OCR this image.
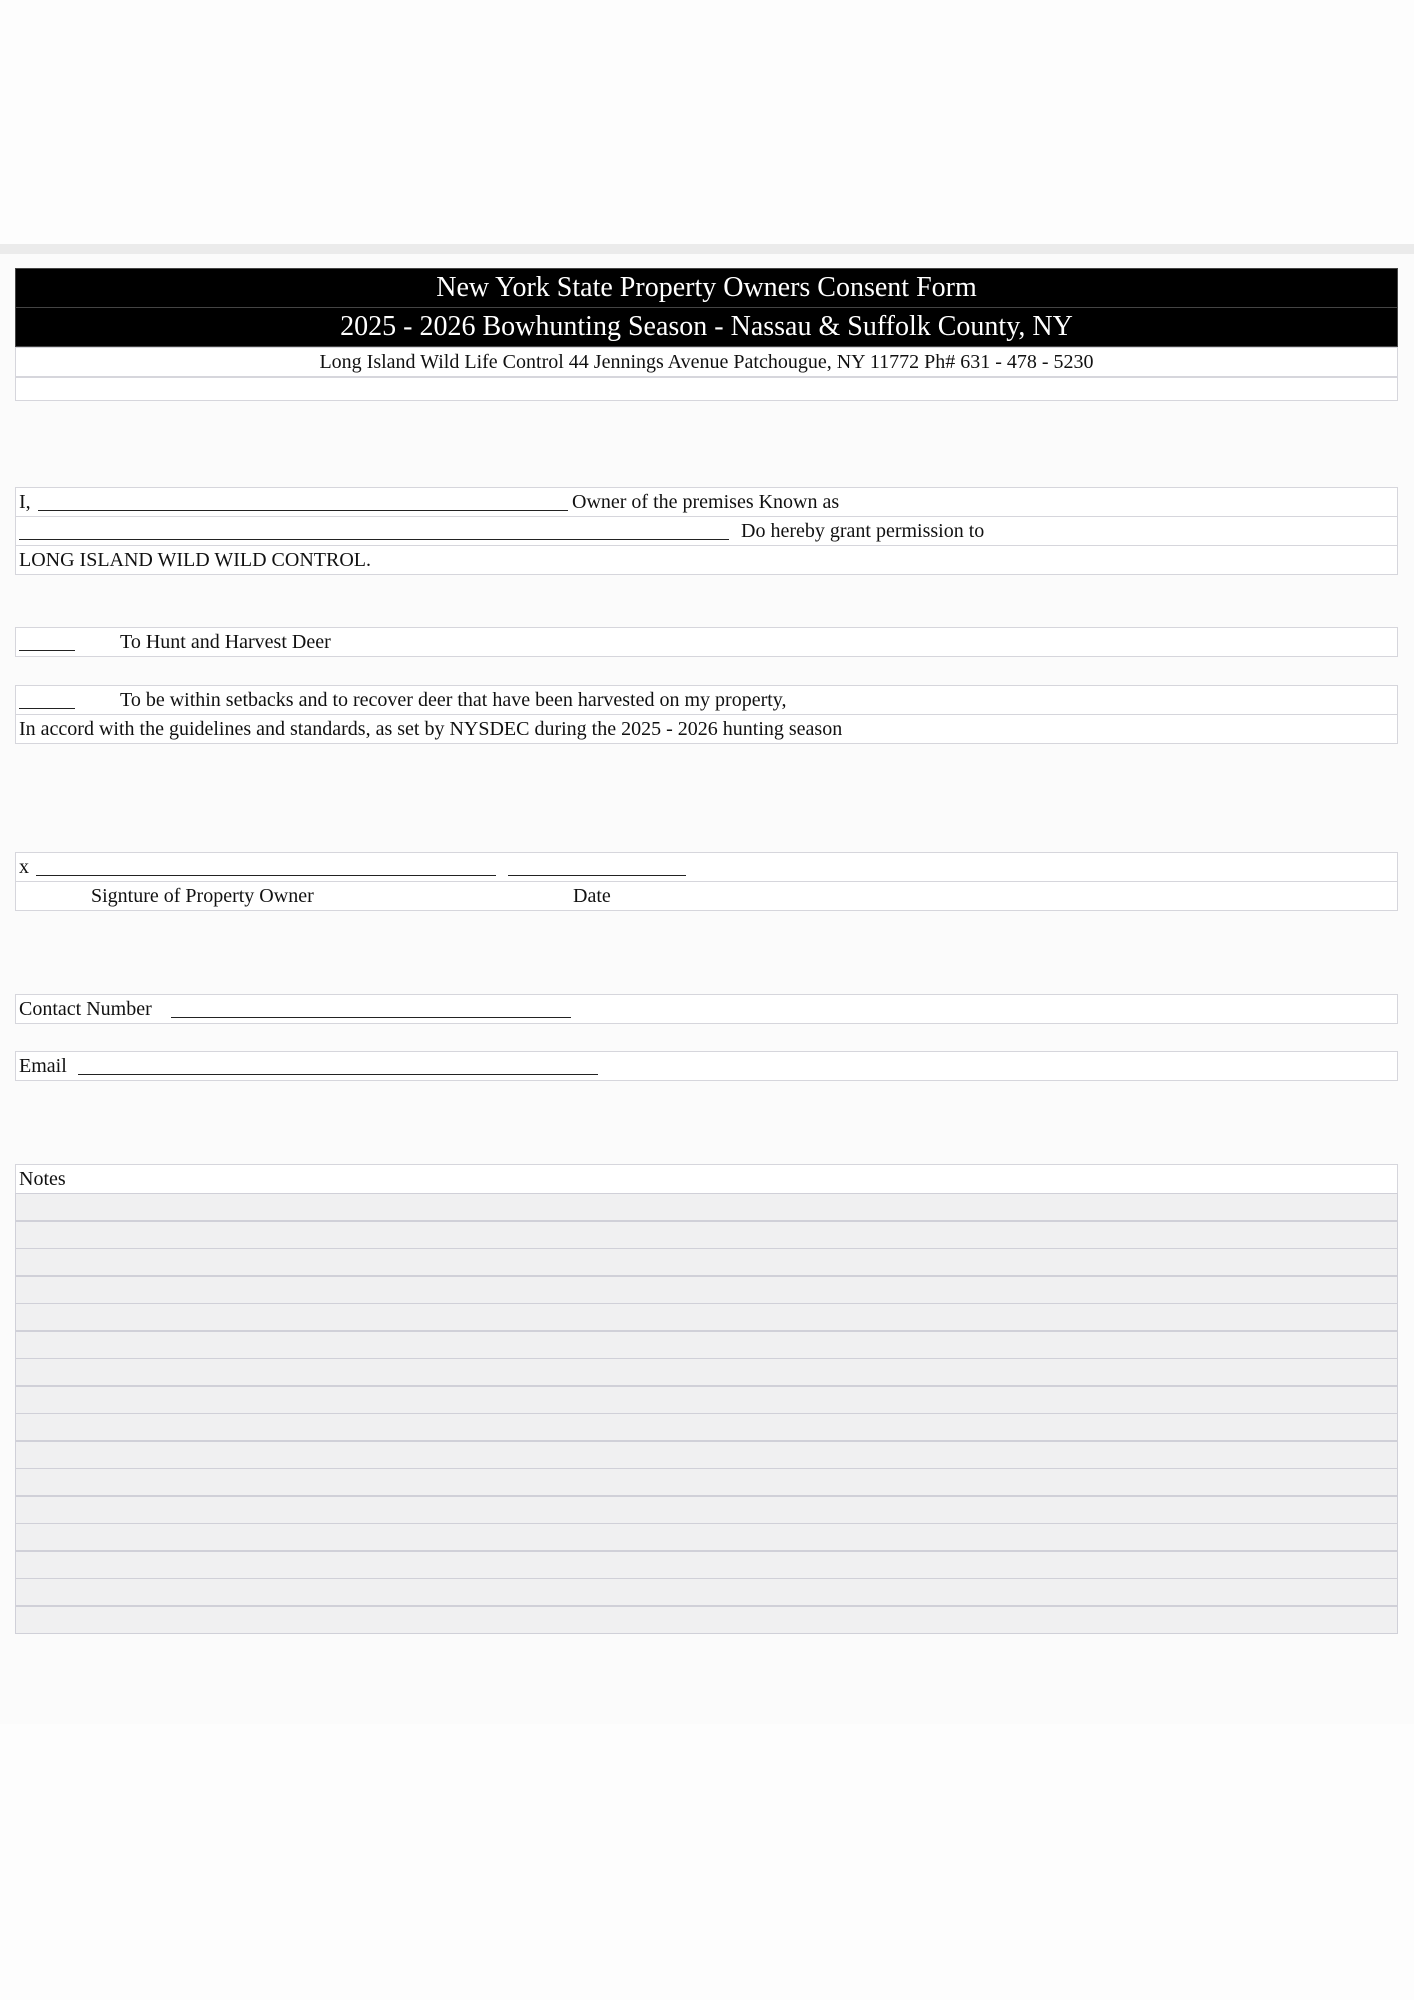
New York State Property Owners Consent Form
2025 - 2026 Bowhunting Season - Nassau & Suffolk County, NY
Long Island Wild Life Control 44 Jennings Avenue Patchougue, NY 11772 Ph# 631 - 478 - 5230
I,	Owner of the premises Known as
Do hereby grant permission to
LONG ISLAND WILD WILD CONTROL.
To Hunt and Harvest Deer
To be within setbacks and to recover deer that have been harvested on my property,
In accord with the guidelines and standards, as set by NYSDEC during the 2025 - 2026 hunting season
x
Signture of Property Owner	Date
Contact Number
Email
Notes
